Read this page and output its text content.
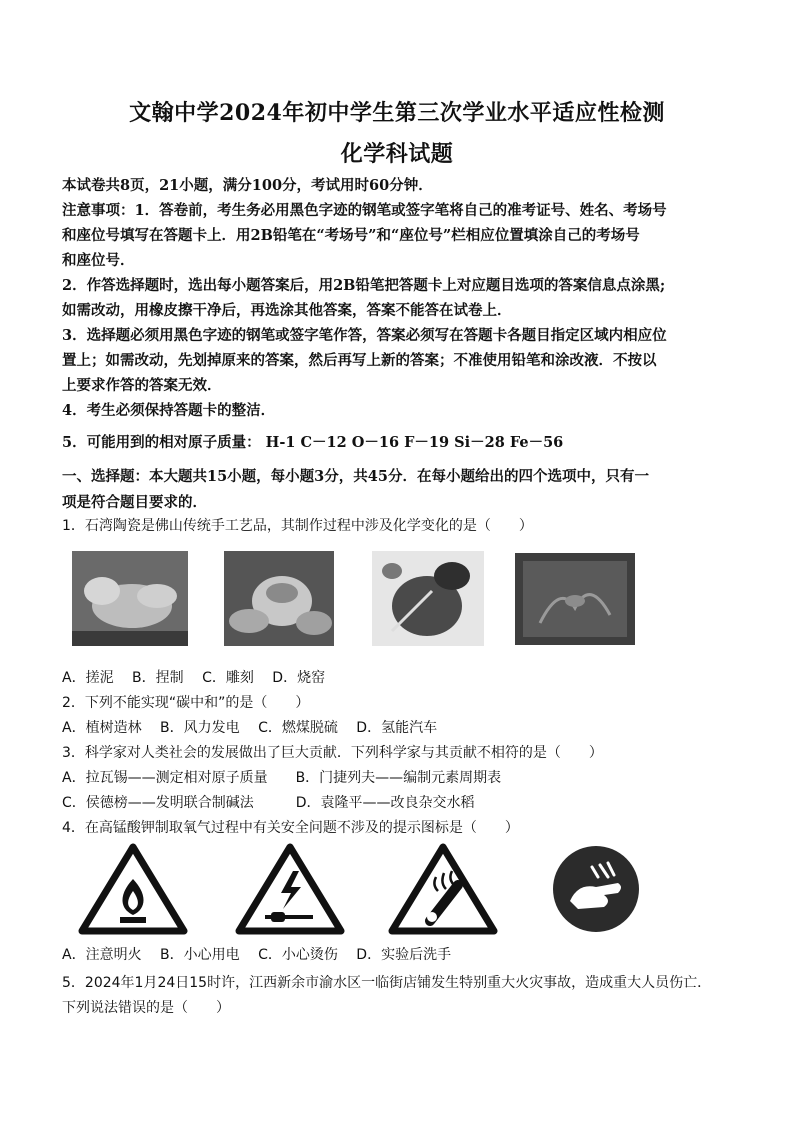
文翰中学2024年初中学生第三次学业水平适应性检测
化学科试题
本试卷共8页，21小题，满分100分，考试用时60分钟．
注意事项：1．答卷前，考生务必用黑色字迹的钢笔或签字笔将自己的准考证号、姓名、考场号
和座位号填写在答题卡上．用2B铅笔在“考场号”和“座位号”栏相应位置填涂自己的考场号
和座位号．
2．作答选择题时，选出每小题答案后，用2B铅笔把答题卡上对应题目选项的答案信息点涂黑;
如需改动，用橡皮擦干净后，再选涂其他答案，答案不能答在试卷上．
3．选择题必须用黑色字迹的钢笔或签字笔作答，答案必须写在答题卡各题目指定区域内相应位
置上；如需改动，先划掉原来的答案，然后再写上新的答案；不准使用铅笔和涂改液．不按以
上要求作答的答案无效．
4．考生必须保持答题卡的整洁．
5．可能用到的相对原子质量： H-1 C－12 O－16 F－19 Si－28 Fe－56
一、选择题：本大题共15小题，每小题3分，共45分．在每小题给出的四个选项中，只有一
项是符合题目要求的．
1．石湾陶瓷是佛山传统手工艺品，其制作过程中涉及化学变化的是（　　）
A．搓泥　 B．捏制　 C．雕刻　 D．烧窑
2．下列不能实现“碳中和”的是（　　）
A．植树造林　 B．风力发电　 C．燃煤脱硫　 D．氢能汽车
3．科学家对人类社会的发展做出了巨大贡献．下列科学家与其贡献不相符的是（　　）
A．拉瓦锡——测定相对原子质量　　B．门捷列夫——编制元素周期表
C．侯德榜——发明联合制碱法　　　D．袁隆平——改良杂交水稻
4．在高锰酸钾制取氧气过程中有关安全问题不涉及的提示图标是（　　）
A．注意明火　 B．小心用电　 C．小心烫伤　 D．实验后洗手
5．2024年1月24日15时许，江西新余市渝水区一临街店铺发生特别重大火灾事故，造成重大人员伤亡．
下列说法错误的是（　　）
